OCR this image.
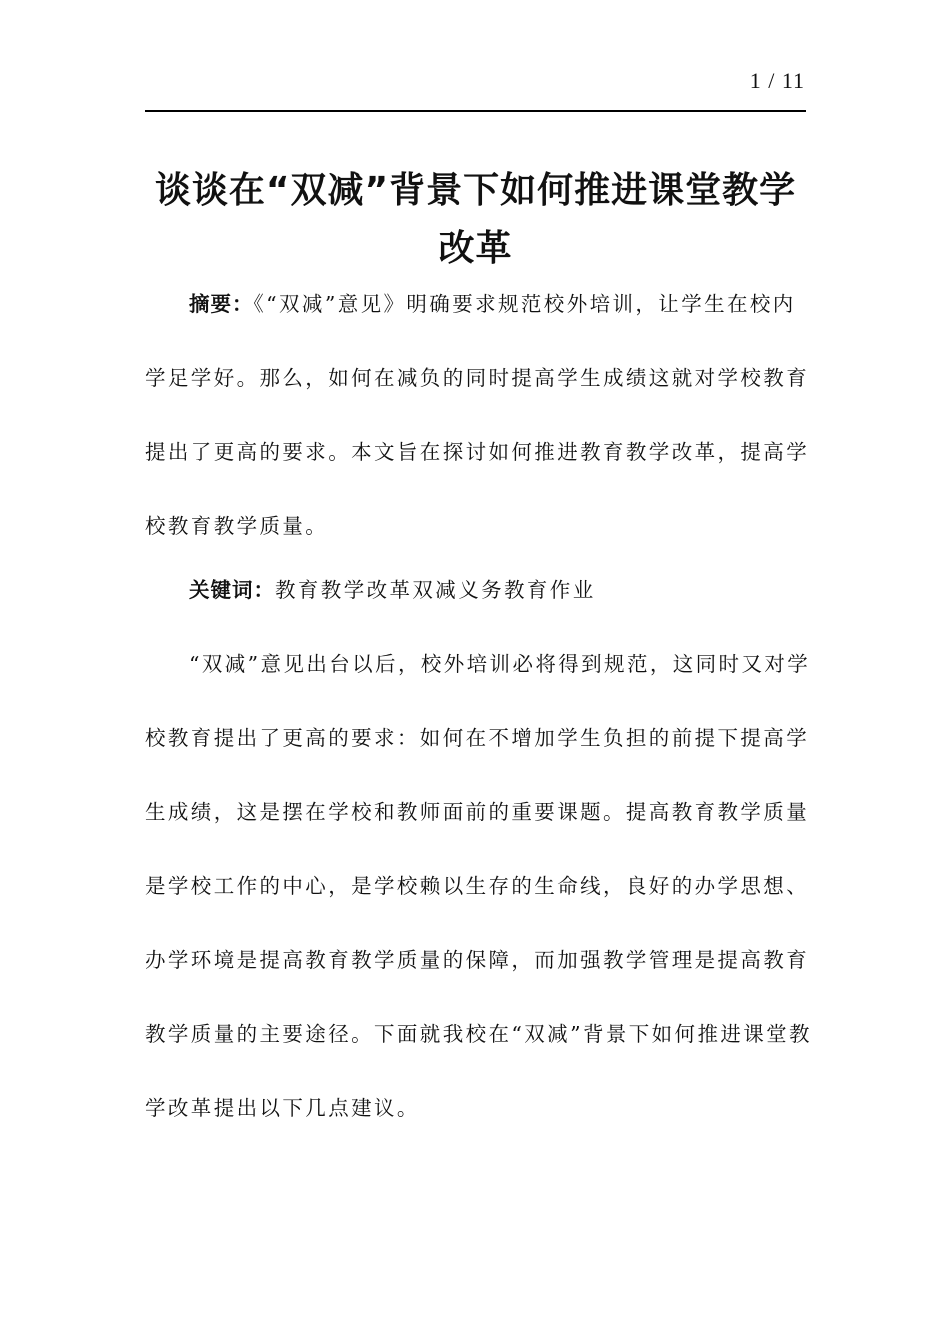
1 / 11
谈谈在“双减”背景下如何推进课堂教学
改革

摘要：《“双减”意见》明确要求规范校外培训，让学生在校内学足学好。那么，如何在减负的同时提高学生成绩这就对学校教育提出了更高的要求。本文旨在探讨如何推进教育教学改革，提高学校教育教学质量。

关键词：教育教学改革双减义务教育作业

“双减”意见出台以后，校外培训必将得到规范，这同时又对学校教育提出了更高的要求：如何在不增加学生负担的前提下提高学生成绩，这是摆在学校和教师面前的重要课题。提高教育教学质量是学校工作的中心，是学校赖以生存的生命线，良好的办学思想、办学环境是提高教育教学质量的保障，而加强教学管理是提高教育教学质量的主要途径。下面就我校在“双减”背景下如何推进课堂教学改革提出以下几点建议。
